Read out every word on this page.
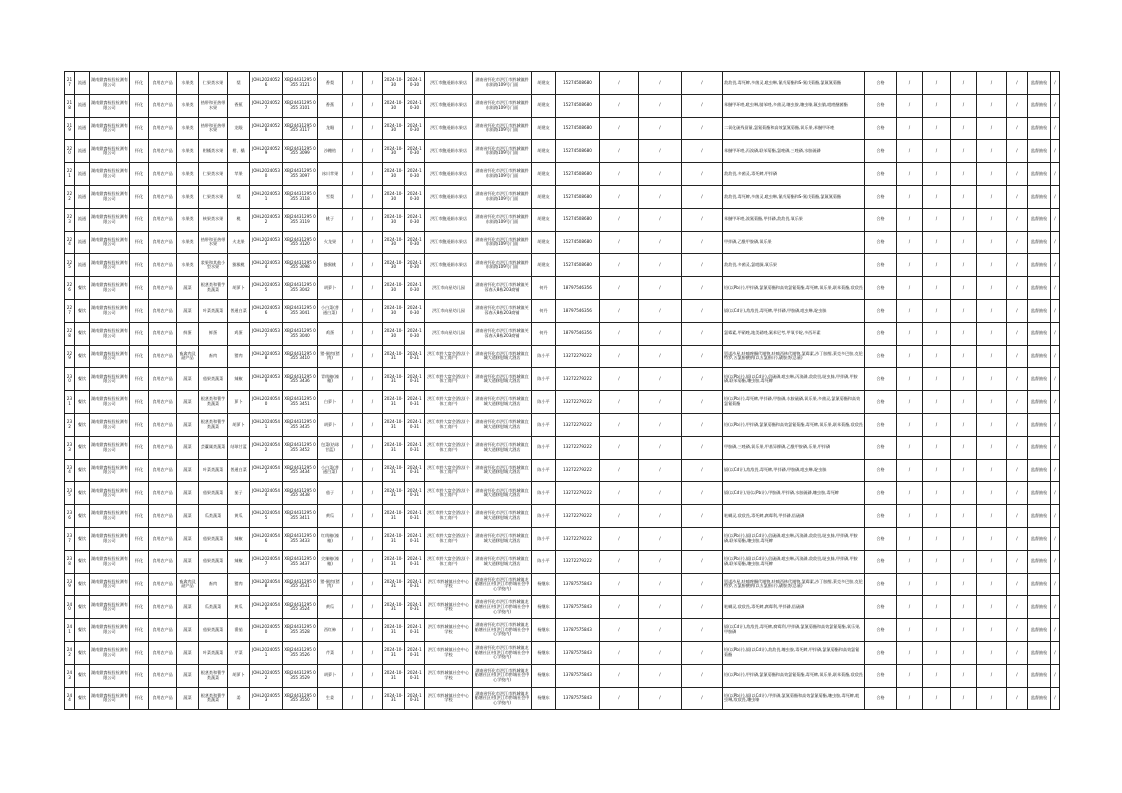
217	流通	湖南鼎寰检验检测有限公司	怀化	食用农产品	水果类	仁果类水果	梨	JOHL20240526	XBJ24431295 0355 3121	香梨	/	/	2024-10-30	2024-10-30	洪江市鲍遥娟水果店	湖南省怀化市洪江市黔城镇黔东街路109号门面	胡建友	15274508680	/	/	/	敌敌畏,毒死蜱,多菌灵,吡虫啉,氰戊菊酯和S-氰戊菊酯,氯氟氰菊酯	合格	/	/	/	/	/	监督抽检	/
218	流通	湖南鼎寰检验检测有限公司	怀化	食用农产品	水果类	热带和亚热带水果	香蕉	JOHL20240527	XBJ24431295 0355 3101	香蕉	/	/	2024-10-30	2024-10-30	洪江市鲍遥娟水果店	湖南省怀化市洪江市黔城镇黔东街路109号门面	胡建友	15274508680	/	/	/	苯醚甲环唑,吡虫啉,腈苯唑,多菌灵,噻虫胺,噻虫嗪,氟虫腈,吡唑醚菌酯	合格	/	/	/	/	/	监督抽检	/
219	流通	湖南鼎寰检验检测有限公司	怀化	食用农产品	水果类	热带和亚热带水果	龙眼	JOHL20240528	XBJ24431295 0355 3117	龙眼	/	/	2024-10-30	2024-10-30	洪江市鲍遥娟水果店	湖南省怀化市洪江市黔城镇黔东街路109号门面	胡建友	15274508680	/	/	/	二氧化硫残留量,氯氰菊酯和高效氯氰菊酯,氧乐果,苯醚甲环唑	合格	/	/	/	/	/	监督抽检	/
220	流通	湖南鼎寰检验检测有限公司	怀化	食用农产品	水果类	柑橘类水果	柑、橘	JOHL20240529	XBJ24431295 0355 3099	沙糖桔	/	/	2024-10-30	2024-10-30	洪江市鲍遥娟水果店	湖南省怀化市洪江市黔城镇黔东街路109号门面	胡建友	15274508680	/	/	/	苯醚甲环唑,丙溴磷,联苯菊酯,氯唑磷,三唑磷,水胺硫磷	合格	/	/	/	/	/	监督抽检	/
221	流通	湖南鼎寰检验检测有限公司	怀化	食用农产品	水果类	仁果类水果	苹果	JOHL20240530	XBJ24431295 0355 3097	冰川苹果	/	/	2024-10-30	2024-10-30	洪江市鲍遥娟水果店	湖南省怀化市洪江市黔城镇黔东街路109号门面	胡建友	15274508680	/	/	/	敌敌畏,多菌灵,毒死蜱,甲拌磷	合格	/	/	/	/	/	监督抽检	/
222	流通	湖南鼎寰检验检测有限公司	怀化	食用农产品	水果类	仁果类水果	梨	JOHL20240531	XBJ24431295 0355 3118	雪梨	/	/	2024-10-30	2024-10-30	洪江市鲍遥娟水果店	湖南省怀化市洪江市黔城镇黔东街路109号门面	胡建友	15274508680	/	/	/	敌敌畏,毒死蜱,多菌灵,吡虫啉,氰戊菊酯和S-氰戊菊酯,氯氟氰菊酯	合格	/	/	/	/	/	监督抽检	/
223	流通	湖南鼎寰检验检测有限公司	怀化	食用农产品	水果类	核果类水果	桃	JOHL20240532	XBJ24431295 0355 3119	桃子	/	/	2024-10-30	2024-10-30	洪江市鲍遥娟水果店	湖南省怀化市洪江市黔城镇黔东街路109号门面	胡建友	15274508680	/	/	/	苯醚甲环唑,溴氰菊酯,甲拌磷,敌敌畏,氧乐果	合格	/	/	/	/	/	监督抽检	/
224	流通	湖南鼎寰检验检测有限公司	怀化	食用农产品	水果类	热带和亚热带水果	火龙果	JOHL20240533	XBJ24431295 0355 3120	火龙果	/	/	2024-10-30	2024-10-30	洪江市鲍遥娟水果店	湖南省怀化市洪江市黔城镇黔东街路109号门面	胡建友	15274508680	/	/	/	甲拌磷,乙酰甲胺磷,氧乐果	合格	/	/	/	/	/	监督抽检	/
225	流通	湖南鼎寰检验检测有限公司	怀化	食用农产品	水果类	浆果和其他小型水果	猕猴桃	JOHL20240534	XBJ24431295 0355 3098	猕猴桃	/	/	2024-10-30	2024-10-30	洪江市鲍遥娟水果店	湖南省怀化市洪江市黔城镇黔东街路109号门面	胡建友	15274508680	/	/	/	敌敌畏,多菌灵,氯吡脲,氧乐果	合格	/	/	/	/	/	监督抽检	/
226	餐饮	湖南鼎寰检验检测有限公司	怀化	食用农产品	蔬菜	根茎类和薯芋类蔬菜	胡萝卜	JOHL20240535	XBJ24431295 0355 3042	胡萝卜	/	/	2024-10-30	2024-10-30	洪江市向星幼儿园	湖南省怀化市洪江市黔城镇芙蓉春天8栋203商铺	何丹	18797546356	/	/	/	铅(以Pb计),甲拌磷,氯氰菊酯和高效氯氰菊酯,毒死蜱,氧乐果,联苯菊酯,敌敌畏	合格	/	/	/	/	/	监督抽检	/
227	餐饮	湖南鼎寰检验检测有限公司	怀化	食用农产品	蔬菜	叶菜类蔬菜	普通白菜	JOHL20240536	XBJ24431295 0355 3041	小白菜(普通白菜)	/	/	2024-10-30	2024-10-30	洪江市向星幼儿园	湖南省怀化市洪江市黔城镇芙蓉春天8栋203商铺	何丹	18797546356	/	/	/	镉(以Cd计),敌敌畏,毒死蜱,甲拌磷,甲胺磷,吡虫啉,啶虫脒	合格	/	/	/	/	/	监督抽检	/
228	餐饮	湖南鼎寰检验检测有限公司	怀化	食用农产品	鲜蛋	鲜蛋	鸡蛋	JOHL20240537	XBJ24431295 0355 3040	鸡蛋	/	/	2024-10-30	2024-10-30	洪江市向星幼儿园	湖南省怀化市洪江市黔城镇芙蓉春天8栋203商铺	何丹	18797546356	/	/	/	氯霉素,甲硝唑,地美硝唑,氟苯尼考,甲氧苄啶,多西环素	合格	/	/	/	/	/	监督抽检	/
229	餐饮	湖南鼎寰检验检测有限公司	怀化	食用农产品	畜禽肉及副产品	畜肉	猪肉	JOHL20240538	XBJ24431295 0355 3410	猪-腿肉(猪肉)	/	/	2024-10-31	2024-10-31	洪江市黔大富会酒店(个体工商户)	湖南省怀化市洪江市黔城镇宜城大道移慰城大酒店	陈小平	13272279222	/	/	/	恩诺沙星,呋喃唑酮代谢物,呋喃西林代谢物,氯霉素,沙丁胺醇,莱克多巴胺,克伦特罗,五氯酚酸钠(以五氯酚计),磺胺类(总量)	合格	/	/	/	/	/	监督抽检	/
230	餐饮	湖南鼎寰检验检测有限公司	怀化	食用农产品	蔬菜	茄果类蔬菜	辣椒	JOHL20240539	XBJ24431295 0355 3436	青线椒(辣椒)	/	/	2024-10-31	2024-10-31	洪江市黔大富会酒店(个体工商户)	湖南省怀化市洪江市黔城镇宜城大道移慰城大酒店	陈小平	13272279222	/	/	/	铅(以Pb计),镉(以Cd计),倍硫磷,吡虫啉,丙溴磷,敌敌畏,啶虫脒,甲拌磷,甲胺磷,联苯菊酯,噻虫胺,毒死蜱	合格	/	/	/	/	/	监督抽检	/
231	餐饮	湖南鼎寰检验检测有限公司	怀化	食用农产品	蔬菜	根茎类和薯芋类蔬菜	萝卜	JOHL20240540	XBJ24431295 0355 3451	白萝卜	/	/	2024-10-31	2024-10-31	洪江市黔大富会酒店(个体工商户)	湖南省怀化市洪江市黔城镇宜城大道移慰城大酒店	陈小平	13272279222	/	/	/	铅(以Pb计),毒死蜱,甲拌磷,甲胺磷,水胺硫磷,氧乐果,多菌灵,氯氰菊酯和高效氯氰菊酯	合格	/	/	/	/	/	监督抽检	/
232	餐饮	湖南鼎寰检验检测有限公司	怀化	食用农产品	蔬菜	根茎类和薯芋类蔬菜	胡萝卜	JOHL20240541	XBJ24431295 0355 3435	胡萝卜	/	/	2024-10-31	2024-10-31	洪江市黔大富会酒店(个体工商户)	湖南省怀化市洪江市黔城镇宜城大道移慰城大酒店	陈小平	13272279222	/	/	/	铅(以Pb计),甲拌磷,氯氰菊酯和高效氯氰菊酯,毒死蜱,氧乐果,联苯菊酯,敌敌畏	合格	/	/	/	/	/	监督抽检	/
233	餐饮	湖南鼎寰检验检测有限公司	怀化	食用农产品	蔬菜	芸薹属类蔬菜	结球甘蓝	JOHL20240542	XBJ24431295 0355 3452	包菜(结球甘蓝)	/	/	2024-10-31	2024-10-31	洪江市黔大富会酒店(个体工商户)	湖南省怀化市洪江市黔城镇宜城大道移慰城大酒店	陈小平	13272279222	/	/	/	甲胺磷,三唑磷,氧乐果,甲基异柳磷,乙酰甲胺磷,乐果,甲拌磷	合格	/	/	/	/	/	监督抽检	/
234	餐饮	湖南鼎寰检验检测有限公司	怀化	食用农产品	蔬菜	叶菜类蔬菜	普通白菜	JOHL20240543	XBJ24431295 0355 3434	小白菜(普通白菜)	/	/	2024-10-31	2024-10-31	洪江市黔大富会酒店(个体工商户)	湖南省怀化市洪江市黔城镇宜城大道移慰城大酒店	陈小平	13272279222	/	/	/	镉(以Cd计),敌敌畏,毒死蜱,甲拌磷,甲胺磷,吡虫啉,啶虫脒	合格	/	/	/	/	/	监督抽检	/
235	餐饮	湖南鼎寰检验检测有限公司	怀化	食用农产品	蔬菜	茄果类蔬菜	茄子	JOHL20240544	XBJ24431295 0355 3438	茄子	/	/	2024-10-31	2024-10-31	洪江市黔大富会酒店(个体工商户)	湖南省怀化市洪江市黔城镇宜城大道移慰城大酒店	陈小平	13272279222	/	/	/	镉(以Cd计),铅(以Pb计),甲胺磷,甲拌磷,水胺硫磷,噻虫胺,毒死蜱	合格	/	/	/	/	/	监督抽检	/
236	餐饮	湖南鼎寰检验检测有限公司	怀化	食用农产品	蔬菜	瓜类蔬菜	黄瓜	JOHL20240545	XBJ24431295 0355 3411	黄瓜	/	/	2024-10-31	2024-10-31	洪江市黔大富会酒店(个体工商户)	湖南省怀化市洪江市黔城镇宜城大道移慰城大酒店	陈小平	13272279222	/	/	/	哒螨灵,敌敌畏,毒死蜱,腐霉利,甲拌磷,倍硫磷	合格	/	/	/	/	/	监督抽检	/
237	餐饮	湖南鼎寰检验检测有限公司	怀化	食用农产品	蔬菜	茄果类蔬菜	辣椒	JOHL20240546	XBJ24431295 0355 3433	红线椒(辣椒)	/	/	2024-10-31	2024-10-31	洪江市黔大富会酒店(个体工商户)	湖南省怀化市洪江市黔城镇宜城大道移慰城大酒店	陈小平	13272279222	/	/	/	铅(以Pb计),镉(以Cd计),倍硫磷,吡虫啉,丙溴磷,敌敌畏,啶虫脒,甲拌磷,甲胺磷,联苯菊酯,噻虫胺,毒死蜱	合格	/	/	/	/	/	监督抽检	/
238	餐饮	湖南鼎寰检验检测有限公司	怀化	食用农产品	蔬菜	茄果类蔬菜	辣椒	JOHL20240547	XBJ24431295 0355 3437	尖辣椒(辣椒)	/	/	2024-10-31	2024-10-31	洪江市黔大富会酒店(个体工商户)	湖南省怀化市洪江市黔城镇宜城大道移慰城大酒店	陈小平	13272279222	/	/	/	铅(以Pb计),镉(以Cd计),倍硫磷,吡虫啉,丙溴磷,敌敌畏,啶虫脒,甲拌磷,甲胺磷,联苯菊酯,噻虫胺,毒死蜱	合格	/	/	/	/	/	监督抽检	/
239	餐饮	湖南鼎寰检验检测有限公司	怀化	食用农产品	畜禽肉及副产品	畜肉	猪肉	JOHL20240548	XBJ24431295 0355 3531	猪-腿肉(猪肉)	/	/	2024-10-31	2024-10-31	洪江市黔城镇社会中心学校	湖南省怀化市洪江市黔城镇龙船塘社区村(洪江市黔城社会中心学校内)	杨继东	13787575843	/	/	/	恩诺沙星,呋喃唑酮代谢物,呋喃西林代谢物,氯霉素,沙丁胺醇,莱克多巴胺,克伦特罗,五氯酚酸钠(以五氯酚计),磺胺类(总量)	合格	/	/	/	/	/	监督抽检	/
240	餐饮	湖南鼎寰检验检测有限公司	怀化	食用农产品	蔬菜	瓜类蔬菜	黄瓜	JOHL20240549	XBJ24431295 0355 3524	黄瓜	/	/	2024-10-31	2024-10-31	洪江市黔城镇社会中心学校	湖南省怀化市洪江市黔城镇龙船塘社区村(洪江市黔城社会中心学校内)	杨继东	13787575843	/	/	/	哒螨灵,敌敌畏,毒死蜱,腐霉利,甲拌磷,倍硫磷	合格	/	/	/	/	/	监督抽检	/
241	餐饮	湖南鼎寰检验检测有限公司	怀化	食用农产品	蔬菜	茄果类蔬菜	番茄	JOHL20240550	XBJ24431295 0355 3528	西红柿	/	/	2024-10-31	2024-10-31	洪江市黔城镇社会中心学校	湖南省怀化市洪江市黔城镇龙船塘社区村(洪江市黔城社会中心学校内)	杨继东	13787575843	/	/	/	镉(以Cd计),敌敌畏,毒死蜱,腐霉利,甲拌磷,氯氰菊酯和高效氯氰菊酯,氧乐果,甲胺磷	合格	/	/	/	/	/	监督抽检	/
242	餐饮	湖南鼎寰检验检测有限公司	怀化	食用农产品	蔬菜	叶菜类蔬菜	芹菜	JOHL20240551	XBJ24431295 0355 3526	芹菜	/	/	2024-10-31	2024-10-31	洪江市黔城镇社会中心学校	湖南省怀化市洪江市黔城镇龙船塘社区村(洪江市黔城社会中心学校内)	杨继东	13787575843	/	/	/	铅(以Pb计),镉(以Cd计),敌敌畏,噻虫胺,毒死蜱,甲拌磷,氯氰菊酯和高效氯氰菊酯	合格	/	/	/	/	/	监督抽检	/
243	餐饮	湖南鼎寰检验检测有限公司	怀化	食用农产品	蔬菜	根茎类和薯芋类蔬菜	胡萝卜	JOHL20240552	XBJ24431295 0355 3529	胡萝卜	/	/	2024-10-31	2024-10-31	洪江市黔城镇社会中心学校	湖南省怀化市洪江市黔城镇龙船塘社区村(洪江市黔城社会中心学校内)	杨继东	13787575843	/	/	/	铅(以Pb计),甲拌磷,氯氰菊酯和高效氯氰菊酯,毒死蜱,氧乐果,联苯菊酯,敌敌畏	合格	/	/	/	/	/	监督抽检	/
244	餐饮	湖南鼎寰检验检测有限公司	怀化	食用农产品	蔬菜	根茎类和薯芋类蔬菜	姜	JOHL20240553	XBJ24431295 0355 3550	生姜	/	/	2024-10-31	2024-10-31	洪江市黔城镇社会中心学校	湖南省怀化市洪江市黔城镇龙船塘社区村(洪江市黔城社会中心学校内)	杨继东	13787575843	/	/	/	铅(以Pb计),镉(以Cd计),甲拌磷,氯氰菊酯和高效氯氰菊酯,噻虫胺,毒死蜱,吡虫啉,敌敌畏,噻虫嗪	合格	/	/	/	/	/	监督抽检	/
